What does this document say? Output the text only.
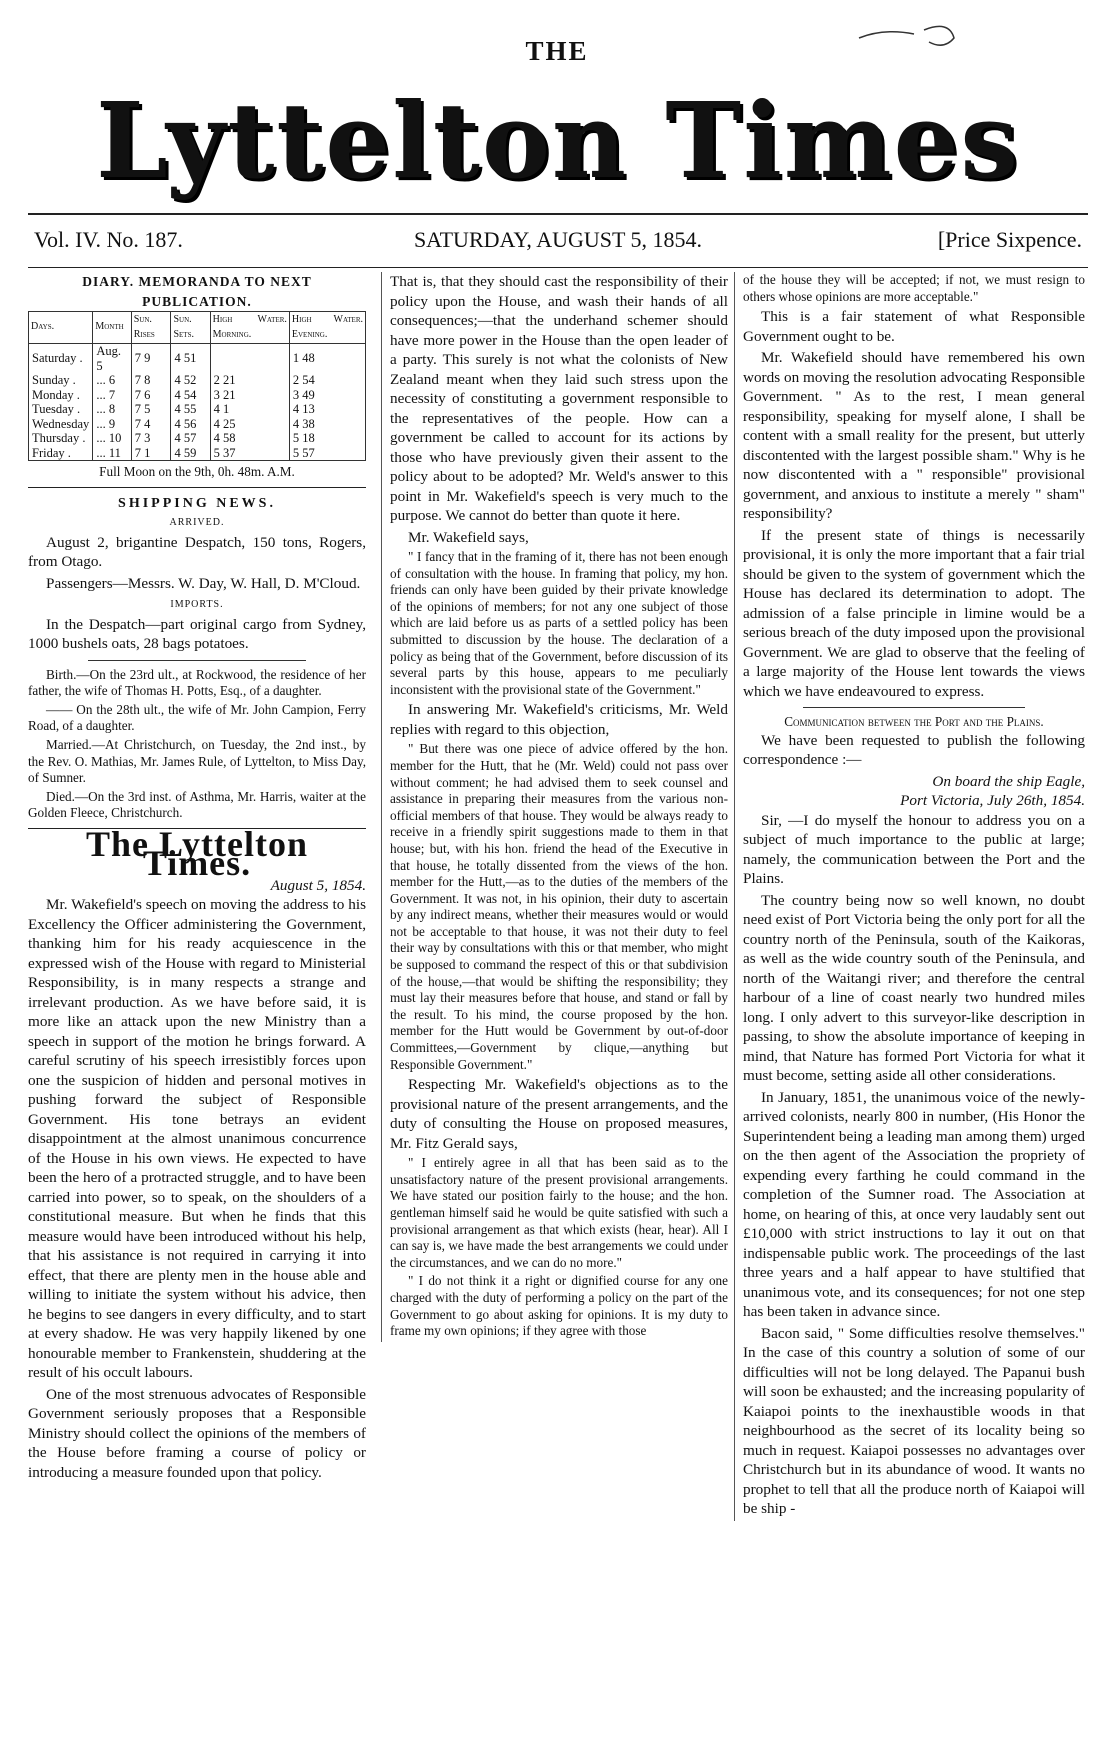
THE
Lyttelton Times
SATURDAY, AUGUST 5, 1854.
Vol. IV. No. 187.	[Price Sixpence.
DIARY. MEMORANDA TO NEXT PUBLICATION.
Days.	Month	Sun. Rises	Sun. Sets.	High Water. Morning.	High Water. Evening.
Saturday .	Aug. 5	7 9	4 51		1 48
Sunday .	... 6	7 8	4 52	2 21	2 54
Monday .	... 7	7 6	4 54	3 21	3 49
Tuesday .	... 8	7 5	4 55	4 1	4 13
Wednesday	... 9	7 4	4 56	4 25	4 38
Thursday .	... 10	7 3	4 57	4 58	5 18
Friday .	... 11	7 1	4 59	5 37	5 57
Full Moon on the 9th, 0h. 48m. A.M.
SHIPPING NEWS.
ARRIVED.

August 2, brigantine Despatch, 150 tons, Rogers, from Otago.

Passengers—Messrs. W. Day, W. Hall, D. M'Cloud.

IMPORTS.

In the Despatch—part original cargo from Sydney, 1000 bushels oats, 28 bags potatoes.

Birth.—On the 23rd ult., at Rockwood, the residence of her father, the wife of Thomas H. Potts, Esq., of a daughter.

—— On the 28th ult., the wife of Mr. John Campion, Ferry Road, of a daughter.

Married.—At Christchurch, on Tuesday, the 2nd inst., by the Rev. O. Mathias, Mr. James Rule, of Lyttelton, to Miss Day, of Sumner.

Died.—On the 3rd inst. of Asthma, Mr. Harris, waiter at the Golden Fleece, Christchurch.

The Lyttelton Times.
August 5, 1854.

Mr. Wakefield's speech on moving the address to his Excellency the Officer administering the Government, thanking him for his ready acquiescence in the expressed wish of the House with regard to Ministerial Responsibility, is in many respects a strange and irrelevant production. As we have before said, it is more like an attack upon the new Ministry than a speech in support of the motion he brings forward. A careful scrutiny of his speech irresistibly forces upon one the suspicion of hidden and personal motives in pushing forward the subject of Responsible Government. His tone betrays an evident disappointment at the almost unanimous concurrence of the House in his own views. He expected to have been the hero of a protracted struggle, and to have been carried into power, so to speak, on the shoulders of a constitutional measure. But when he finds that this measure would have been introduced without his help, that his assistance is not required in carrying it into effect, that there are plenty men in the house able and willing to initiate the system without his advice, then he begins to see dangers in every difficulty, and to start at every shadow. He was very happily likened by one honourable member to Frankenstein, shuddering at the result of his occult labours.

One of the most strenuous advocates of Responsible Government seriously proposes that a Responsible Ministry should collect the opinions of the members of the House before framing a course of policy or introducing a measure founded upon that policy.

That is, that they should cast the responsibility of their policy upon the House, and wash their hands of all consequences;—that the underhand schemer should have more power in the House than the open leader of a party. This surely is not what the colonists of New Zealand meant when they laid such stress upon the necessity of constituting a government responsible to the representatives of the people. How can a government be called to account for its actions by those who have previously given their assent to the policy about to be adopted? Mr. Weld's answer to this point in Mr. Wakefield's speech is very much to the purpose. We cannot do better than quote it here.

Mr. Wakefield says,

" I fancy that in the framing of it, there has not been enough of consultation with the house. In framing that policy, my hon. friends can only have been guided by their private knowledge of the opinions of members; for not any one subject of those which are laid before us as parts of a settled policy has been submitted to discussion by the house. The declaration of a policy as being that of the Government, before discussion of its several parts by this house, appears to me peculiarly inconsistent with the provisional state of the Government."

In answering Mr. Wakefield's criticisms, Mr. Weld replies with regard to this objection,

" But there was one piece of advice offered by the hon. member for the Hutt, that he (Mr. Weld) could not pass over without comment; he had advised them to seek counsel and assistance in preparing their measures from the various non-official members of that house. They would be always ready to receive in a friendly spirit suggestions made to them in that house; but, with his hon. friend the head of the Executive in that house, he totally dissented from the views of the hon. member for the Hutt,—as to the duties of the members of the Government. It was not, in his opinion, their duty to ascertain by any indirect means, whether their measures would or would not be acceptable to that house, it was not their duty to feel their way by consultations with this or that member, who might be supposed to command the respect of this or that subdivision of the house,—that would be shifting the responsibility; they must lay their measures before that house, and stand or fall by the result. To his mind, the course proposed by the hon. member for the Hutt would be Government by out-of-door Committees,—Government by clique,—anything but Responsible Government."

Respecting Mr. Wakefield's objections as to the provisional nature of the present arrangements, and the duty of consulting the House on proposed measures, Mr. Fitz Gerald says,

" I entirely agree in all that has been said as to the unsatisfactory nature of the present provisional arrangements. We have stated our position fairly to the house; and the hon. gentleman himself said he would be quite satisfied with such a provisional arrangement as that which exists (hear, hear). All I can say is, we have made the best arrangements we could under the circumstances, and we can do no more."

" I do not think it a right or dignified course for any one charged with the duty of performing a policy on the part of the Government to go about asking for opinions. It is my duty to frame my own opinions; if they agree with those

of the house they will be accepted; if not, we must resign to others whose opinions are more acceptable."

This is a fair statement of what Responsible Government ought to be.

Mr. Wakefield should have remembered his own words on moving the resolution advocating Responsible Government. " As to the rest, I mean general responsibility, speaking for myself alone, I shall be content with a small reality for the present, but utterly discontented with the largest possible sham." Why is he now discontented with a " responsible" provisional government, and anxious to institute a merely " sham" responsibility?

If the present state of things is necessarily provisional, it is only the more important that a fair trial should be given to the system of government which the House has declared its determination to adopt. The admission of a false principle in limine would be a serious breach of the duty imposed upon the provisional Government. We are glad to observe that the feeling of a large majority of the House lent towards the views which we have endeavoured to express.

Communication between the Port and the Plains.

We have been requested to publish the following correspondence :—

On board the ship Eagle,
Port Victoria, July 26th, 1854.

Sir, —I do myself the honour to address you on a subject of much importance to the public at large; namely, the communication between the Port and the Plains.

The country being now so well known, no doubt need exist of Port Victoria being the only port for all the country north of the Peninsula, south of the Kaikoras, as well as the wide country south of the Peninsula, and north of the Waitangi river; and therefore the central harbour of a line of coast nearly two hundred miles long. I only advert to this surveyor-like description in passing, to show the absolute importance of keeping in mind, that Nature has formed Port Victoria for what it must become, setting aside all other considerations.

In January, 1851, the unanimous voice of the newly-arrived colonists, nearly 800 in number, (His Honor the Superintendent being a leading man among them) urged on the then agent of the Association the propriety of expending every farthing he could command in the completion of the Sumner road. The Association at home, on hearing of this, at once very laudably sent out £10,000 with strict instructions to lay it out on that indispensable public work. The proceedings of the last three years and a half appear to have stultified that unanimous vote, and its consequences; for not one step has been taken in advance since.

Bacon said, " Some difficulties resolve themselves." In the case of this country a solution of some of our difficulties will not be long delayed. The Papanui bush will soon be exhausted; and the increasing popularity of Kaiapoi points to the inexhaustible woods in that neighbourhood as the secret of its locality being so much in request. Kaiapoi possesses no advantages over Christchurch but in its abundance of wood. It wants no prophet to tell that all the produce north of Kaiapoi will be ship -
